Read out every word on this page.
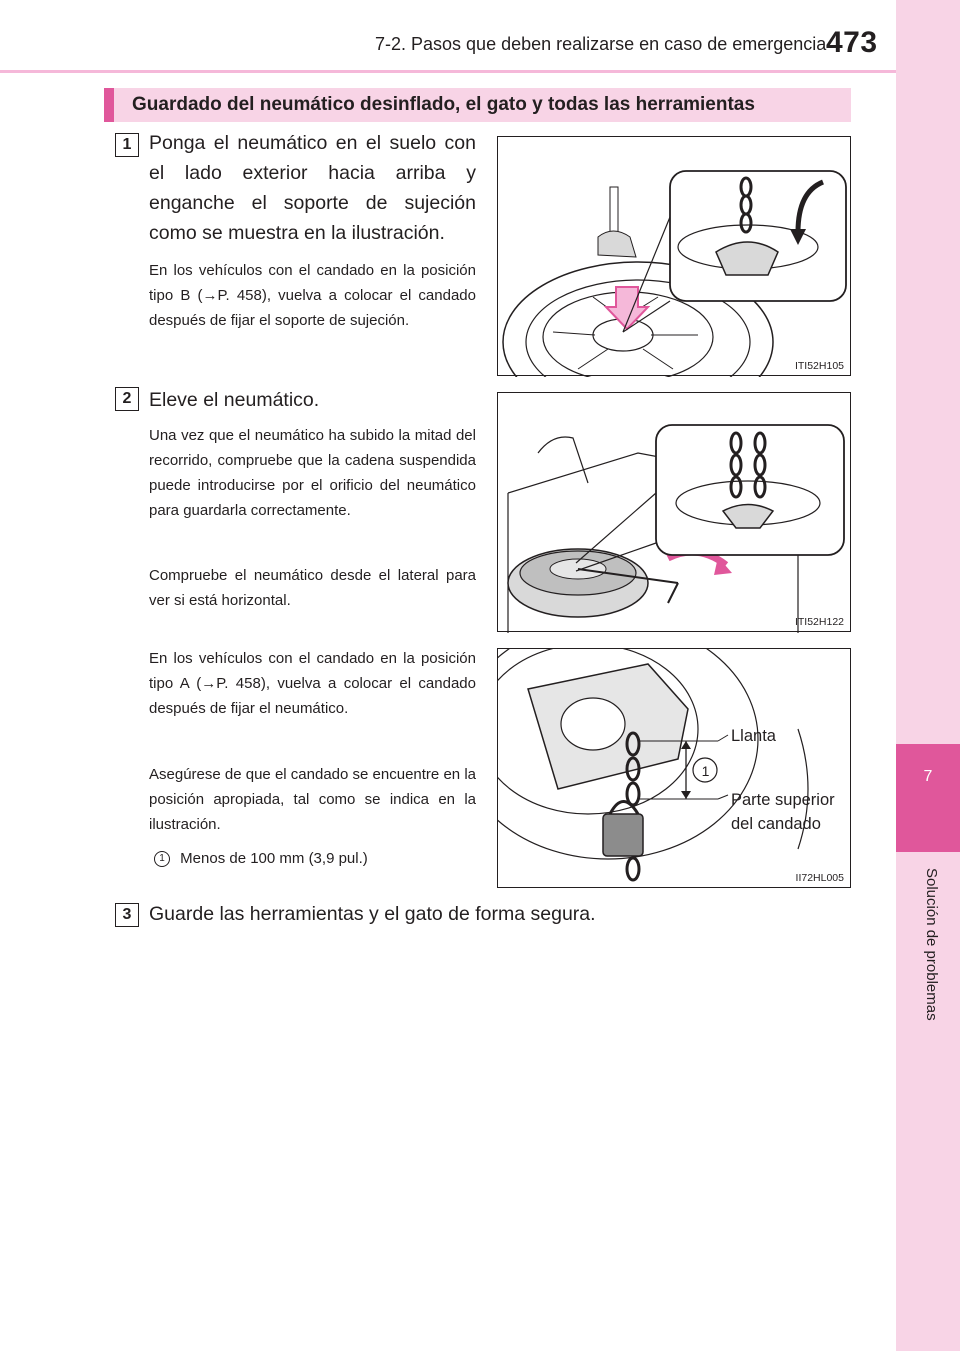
7-2. Pasos que deben realizarse en caso de emergencia 473
7
Solución de problemas
Guardado del neumático desinflado, el gato y todas las herramientas
1 Ponga el neumático en el suelo con el lado exterior hacia arriba y enganche el soporte de sujeción como se muestra en la ilustración.
En los vehículos con el candado en la posición tipo B (→P. 458), vuelva a colocar el candado después de fijar el soporte de sujeción.
ITI52H105
2 Eleve el neumático.
Una vez que el neumático ha subido la mitad del recorrido, compruebe que la cadena suspendida puede introducirse por el orificio del neumático para guardarla correctamente.
Compruebe el neumático desde el lateral para ver si está horizontal.
En los vehículos con el candado en la posición tipo A (→P. 458), vuelva a colocar el candado después de fijar el neumático.
Asegúrese de que el candado se encuentre en la posición apropiada, tal como se indica en la ilustración.
1 Menos de 100 mm (3,9 pul.)
ITI52H122
Llanta
1
Parte superior del candado
II72HL005
3 Guarde las herramientas y el gato de forma segura.
